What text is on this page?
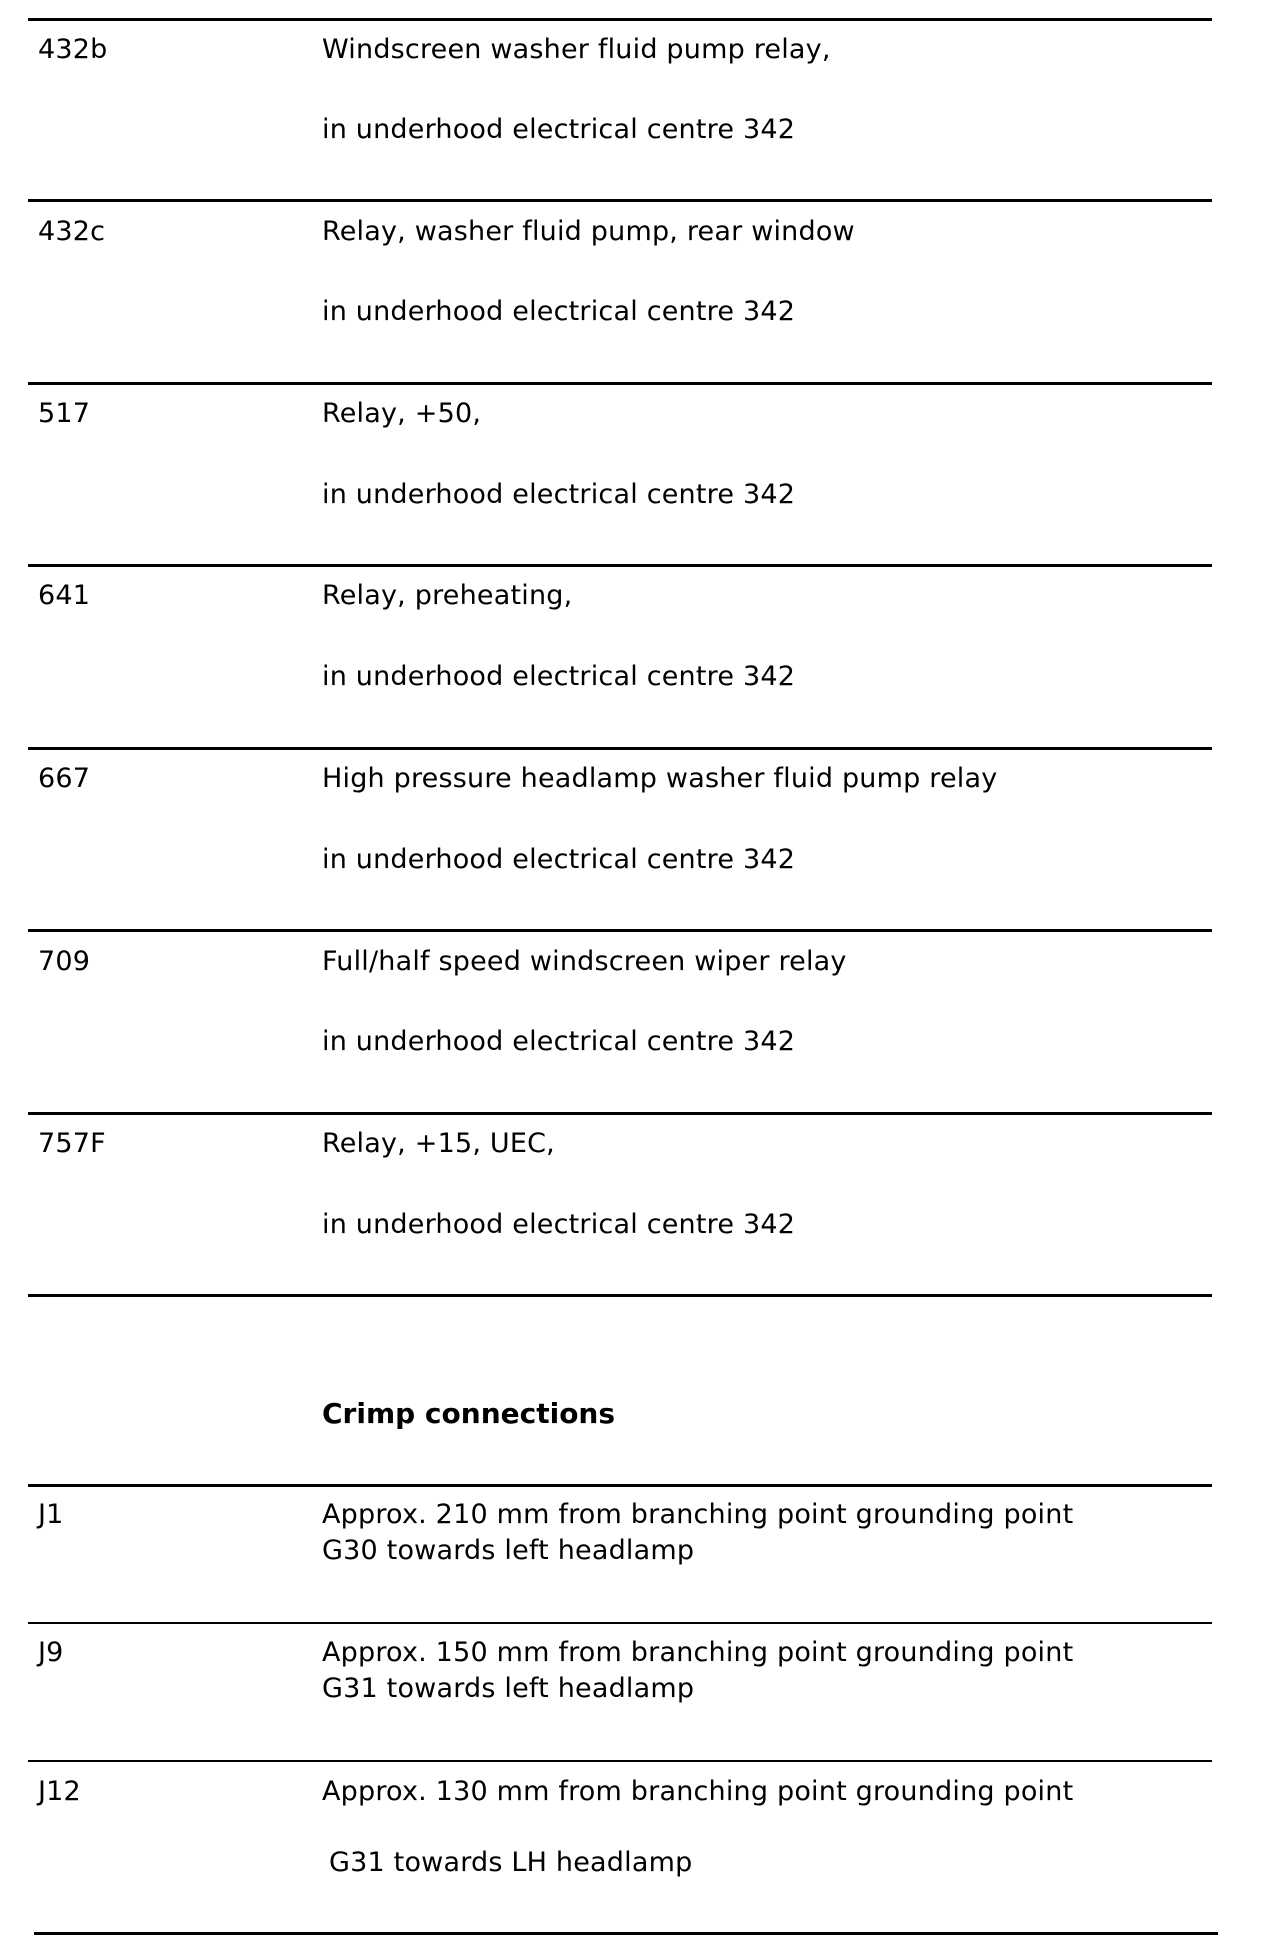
432b	Windscreen washer fluid pump relay,
in underhood electrical centre 342
432c	Relay, washer fluid pump, rear window
in underhood electrical centre 342
517	Relay, +50,
in underhood electrical centre 342
641	Relay, preheating,
in underhood electrical centre 342
667	High pressure headlamp washer fluid pump relay
in underhood electrical centre 342
709	Full/half speed windscreen wiper relay
in underhood electrical centre 342
757F	Relay, +15, UEC,
in underhood electrical centre 342
Crimp connections
J1	Approx. 210 mm from branching point grounding point
G30 towards left headlamp
J9	Approx. 150 mm from branching point grounding point
G31 towards left headlamp
J12	Approx. 130 mm from branching point grounding point
G31 towards LH headlamp
